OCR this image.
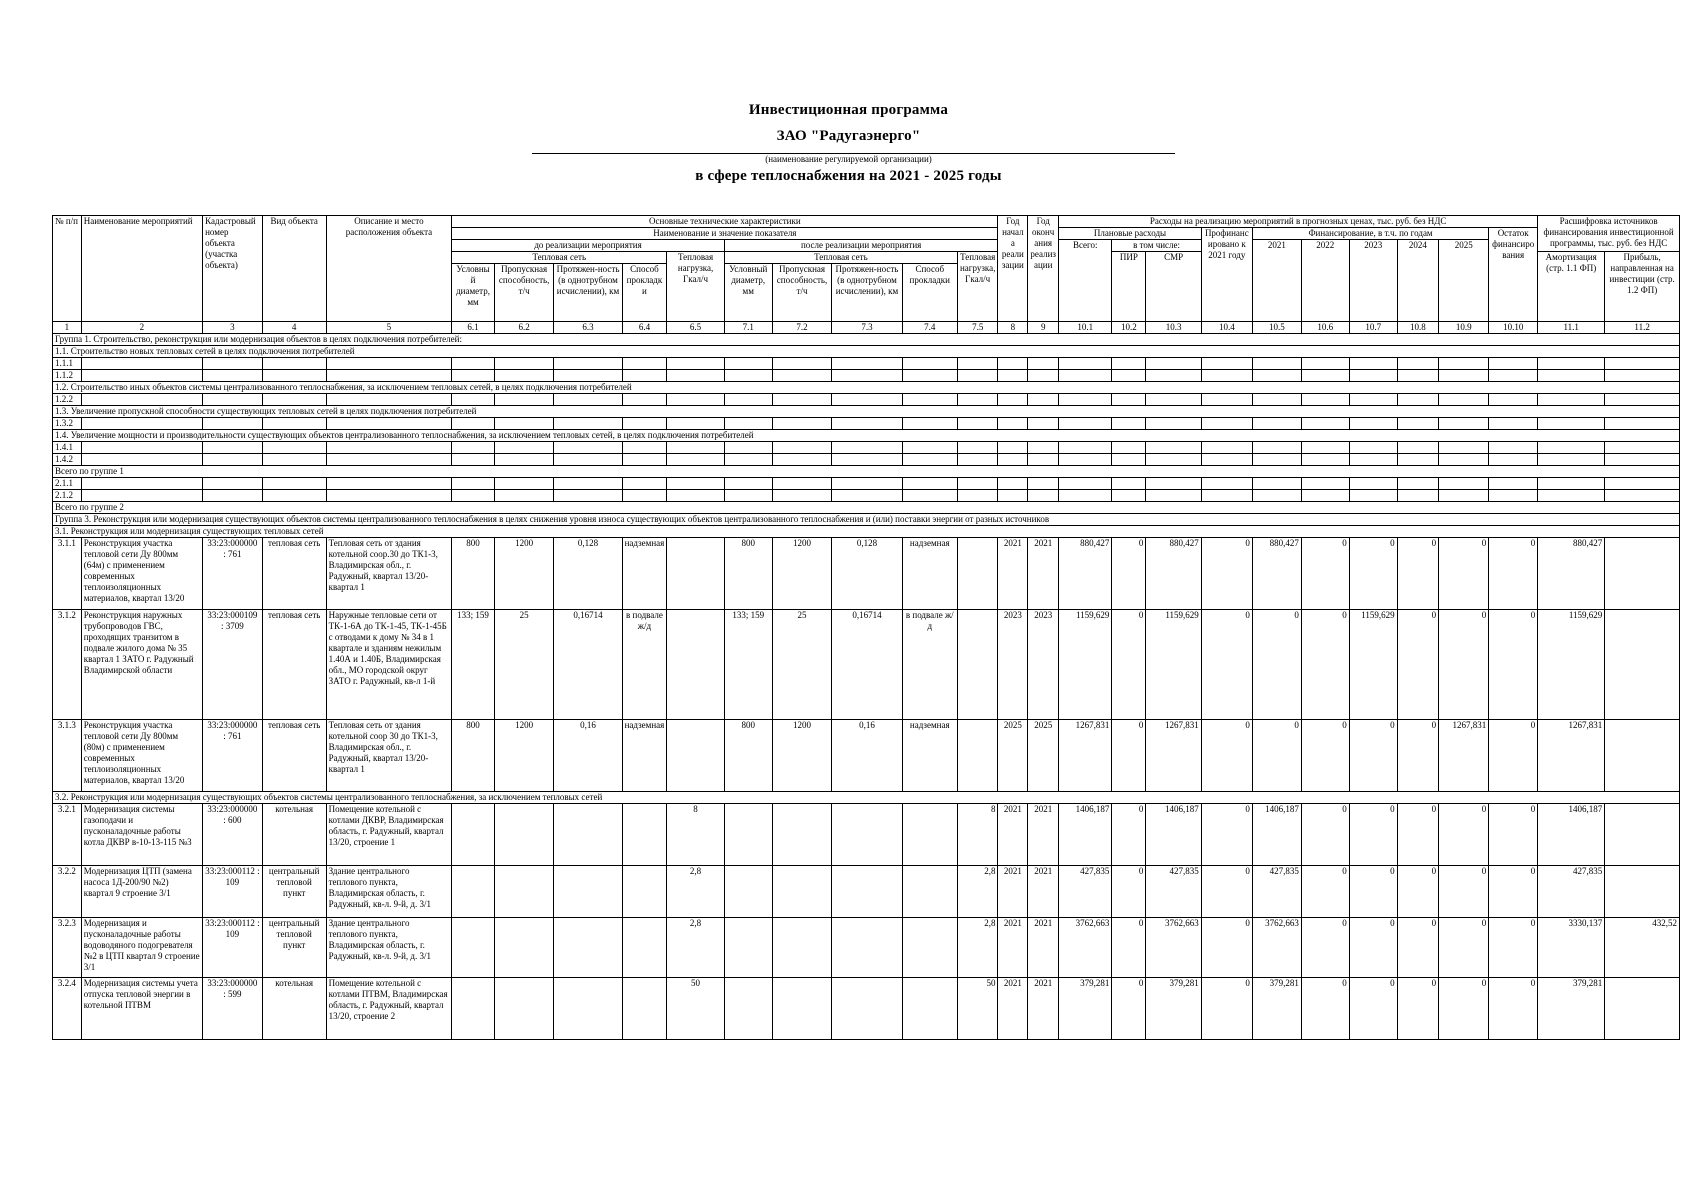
Инвестиционная программа
ЗАО "Радугаэнерго"
(наименование регулируемой организации)
в сфере теплоснабжения на 2021 - 2025 годы
№ п/п	Наименование мероприятий	Кадастровый номер объекта (участка объекта)	Вид объекта	Описание и место расположения объекта	Основные технические характеристики										Год начала реализации	Год окончания реализации	Расходы на реализацию мероприятий в прогнозных ценах, тыс. руб. без НДС										Расшифровка источников финансирования инвестиционной программы, тыс. руб. без НДС	
					Наименование и значение показателя												Плановые расходы			Профинансировано к 2021 году	Финансирование, в т.ч. по годам					Остаток финансирования		
					до реализации мероприятия					после реализации мероприятия							Всего:	в том числе:			2021	2022	2023	2024	2025			
					Тепловая сеть				Тепловая нагрузка, Гкал/ч	Тепловая сеть				Тепловая нагрузка, Гкал/ч				ПИР	СМР								Амортизация (стр. 1.1 ФП)	Прибыль, направленная на инвестиции (стр. 1.2 ФП)
					Условный диаметр, мм	Пропускная способность, т/ч	Протяжен-ность (в однотрубном исчислении), км	Способ прокладки		Условный диаметр, мм	Пропускная способность, т/ч	Протяжен-ность (в однотрубном исчислении), км	Способ прокладки															
1	2	3	4	5	6.1	6.2	6.3	6.4	6.5	7.1	7.2	7.3	7.4	7.5	8	9	10.1	10.2	10.3	10.4	10.5	10.6	10.7	10.8	10.9	10.10	11.1	11.2
Группа 1. Строительство, реконструкция или модернизация объектов в целях подключения потребителей:																												
1.1. Строительство новых тепловых сетей в целях подключения потребителей																												
1.1.1																												
1.1.2																												
1.2. Строительство иных объектов системы централизованного теплоснабжения, за исключением тепловых сетей, в целях подключения потребителей																												
1.2.2																												
1.3. Увеличение пропускной способности существующих тепловых сетей в целях подключения потребителей																												
1.3.2																												
1.4. Увеличение мощности и производительности существующих объектов централизованного теплоснабжения, за исключением тепловых сетей, в целях подключения потребителей																												
1.4.1																												
1.4.2																												
Всего по группе 1																												
2.1.1																												
2.1.2																												
Всего по группе 2																												
Группа 3. Реконструкция или модернизация существующих объектов системы централизованного теплоснабжения в целях снижения уровня износа существующих объектов централизованного теплоснабжения и (или) поставки энергии от разных источников																												
3.1. Реконструкция или модернизация существующих тепловых сетей																												
3.1.1	Реконструкция участка тепловой сети Ду 800мм (64м) с применением современных теплоизоляционных материалов, квартал 13/20	33:23:000000 : 761	тепловая сеть	Тепловая сеть от здания котельной соор.30 до ТК1-3, Владимирская обл., г. Радужный, квартал 13/20-квартал 1	800	1200	0,128	надземная		800	1200	0,128	надземная		2021	2021	880,427	0	880,427	0	880,427	0	0	0	0	0	880,427	
3.1.2	Реконструкция наружных трубопроводов ГВС, проходящих транзитом в подвале жилого дома № 35 квартал 1 ЗАТО г. Радужный Владимирской области	33:23:000109 : 3709	тепловая сеть	Наружные тепловые сети от ТК-1-6А до ТК-1-45, ТК-1-45Б с отводами к дому № 34 в 1 квартале и зданиям нежилым 1.40А и 1.40Б, Владимирская обл., МО городской округ ЗАТО г. Радужный, кв-л 1-й	133; 159	25	0,16714	в подвале ж/д		133; 159	25	0,16714	в подвале ж/д		2023	2023	1159,629	0	1159,629	0	0	0	1159,629	0	0	0	1159,629	
3.1.3	Реконструкция участка тепловой сети Ду 800мм (80м) с применением современных теплоизоляционных материалов, квартал 13/20	33:23:000000 : 761	тепловая сеть	Тепловая сеть от здания котельной соор 30 до ТК1-3, Владимирская обл., г. Радужный, квартал 13/20-квартал 1	800	1200	0,16	надземная		800	1200	0,16	надземная		2025	2025	1267,831	0	1267,831	0	0	0	0	0	1267,831	0	1267,831	
3.2. Реконструкция или модернизация существующих объектов системы централизованного теплоснабжения, за исключением тепловых сетей																												
3.2.1	Модернизация системы газоподачи и пусконаладочные работы котла ДКВР в-10-13-115 №3	33:23:000000 : 600	котельная	Помещение котельной с котлами ДКВР, Владимирская область, г. Радужный, квартал 13/20, строение 1					8					8	2021	2021	1406,187	0	1406,187	0	1406,187	0	0	0	0	0	1406,187	
3.2.2	Модернизация ЦТП (замена насоса 1Д-200/90 №2) квартал 9 строение 3/1	33:23:000112 : 109	центральный тепловой пункт	Здание центрального теплового пункта, Владимирская область, г. Радужный, кв-л. 9-й, д. 3/1					2,8					2,8	2021	2021	427,835	0	427,835	0	427,835	0	0	0	0	0	427,835	
3.2.3	Модернизация и пусконаладочные работы водоводяного подогревателя №2 в ЦТП квартал 9 строение 3/1	33:23:000112 : 109	центральный тепловой пункт	Здание центрального теплового пункта, Владимирская область, г. Радужный, кв-л. 9-й, д. 3/1					2,8					2,8	2021	2021	3762,663	0	3762,663	0	3762,663	0	0	0	0	0	3330,137	432,52
3.2.4	Модернизация системы учета отпуска тепловой энергии в котельной ПТВМ	33:23:000000 : 599	котельная	Помещение котельной с котлами ПТВМ, Владимирская область, г. Радужный, квартал 13/20, строение 2					50					50	2021	2021	379,281	0	379,281	0	379,281	0	0	0	0	0	379,281	
